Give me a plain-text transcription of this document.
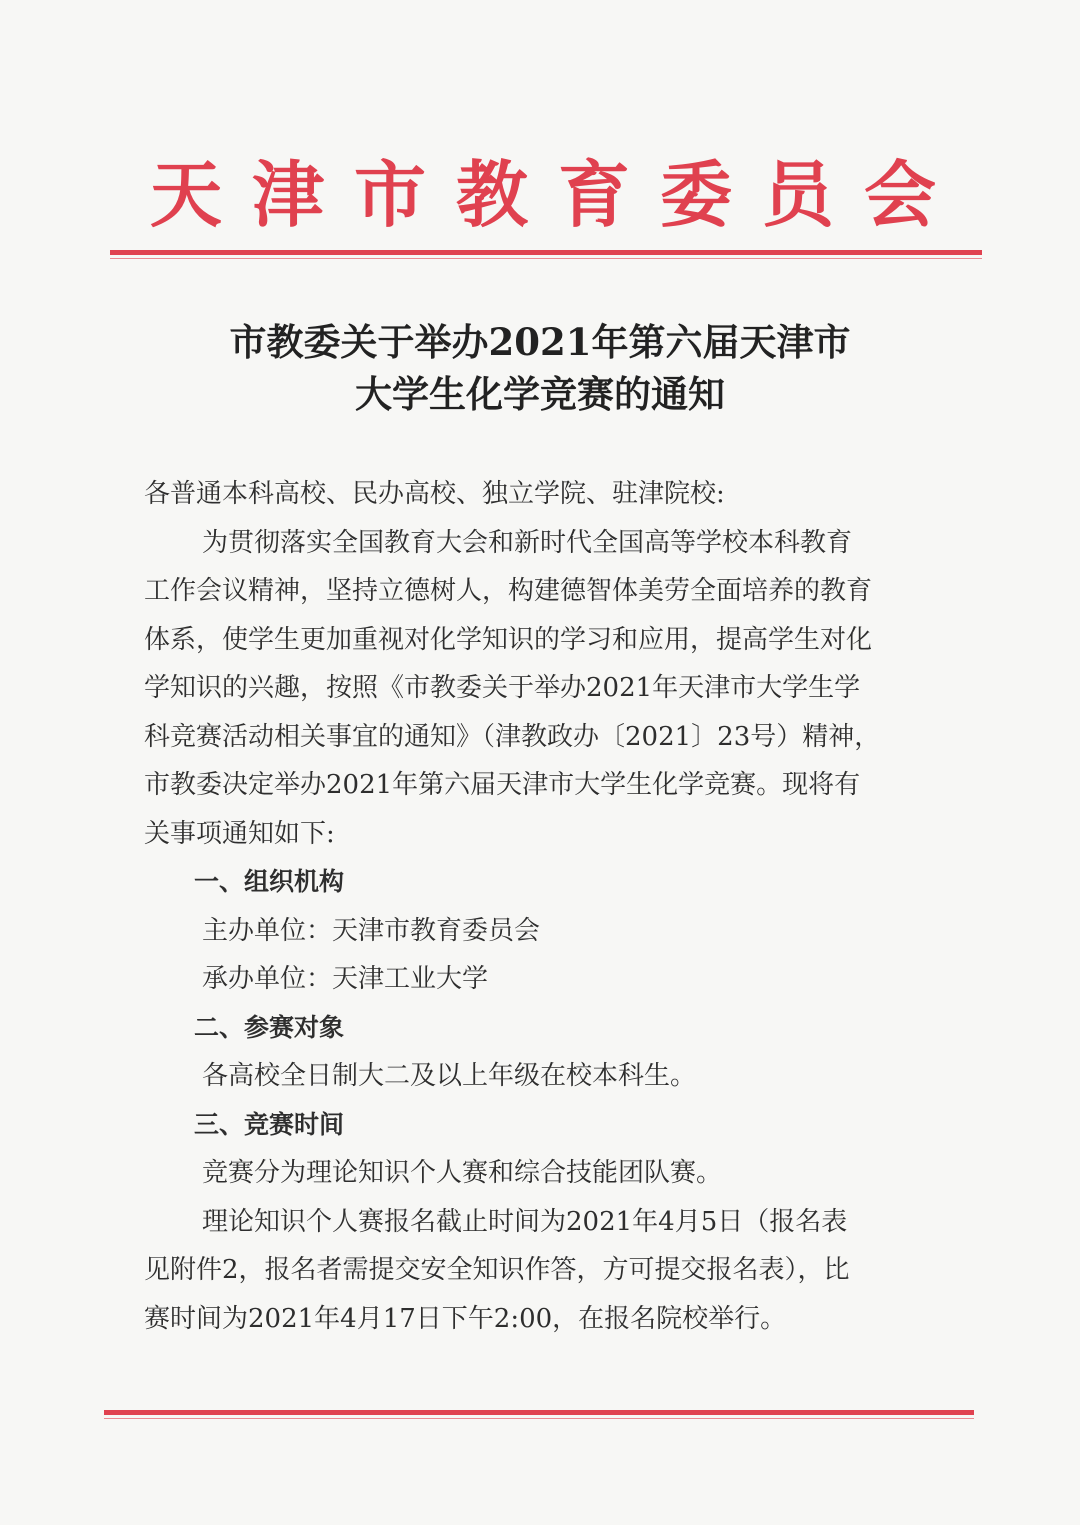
天津市教育委员会
市教委关于举办2021年第六届天津市
大学生化学竞赛的通知
各普通本科高校、民办高校、独立学院、驻津院校:
为贯彻落实全国教育大会和新时代全国高等学校本科教育
工作会议精神，坚持立德树人，构建德智体美劳全面培养的教育
体系，使学生更加重视对化学知识的学习和应用，提高学生对化
学知识的兴趣，按照《市教委关于举办2021年天津市大学生学
科竞赛活动相关事宜的通知》（津教政办〔2021〕23号）精神，
市教委决定举办2021年第六届天津市大学生化学竞赛。现将有
关事项通知如下:
一、组织机构
主办单位：天津市教育委员会
承办单位：天津工业大学
二、参赛对象
各高校全日制大二及以上年级在校本科生。
三、竞赛时间
竞赛分为理论知识个人赛和综合技能团队赛。
理论知识个人赛报名截止时间为2021年4月5日（报名表
见附件2，报名者需提交安全知识作答，方可提交报名表），比
赛时间为2021年4月17日下午2:00，在报名院校举行。
